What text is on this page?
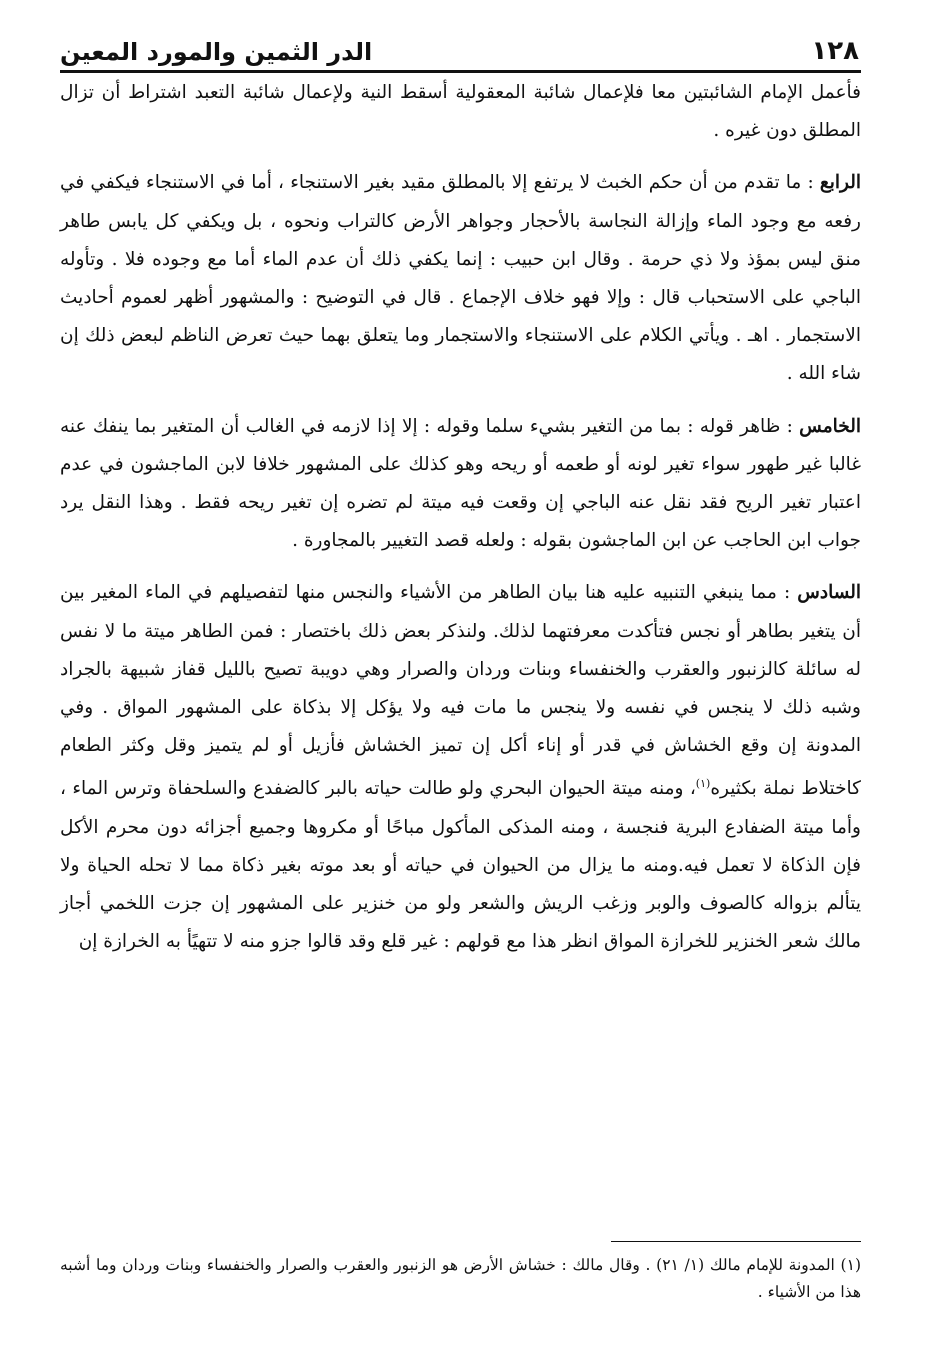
١٢٨
الدر الثمين والمورد المعين

فأعمل الإمام الشائبتين معا فلإعمال شائبة المعقولية أسقط النية ولإعمال شائبة التعبد اشتراط أن تزال المطلق دون غيره .

الرابع : ما تقدم من أن حكم الخبث لا يرتفع إلا بالمطلق مقيد بغير الاستنجاء ، أما في الاستنجاء فيكفي في رفعه مع وجود الماء وإزالة النجاسة بالأحجار وجواهر الأرض كالتراب ونحوه ، بل ويكفي كل يابس طاهر منق ليس بمؤذ ولا ذي حرمة . وقال ابن حبيب : إنما يكفي ذلك أن عدم الماء أما مع وجوده فلا . وتأوله الباجي على الاستحباب قال : وإلا فهو خلاف الإجماع . قال في التوضيح : والمشهور أظهر لعموم أحاديث الاستجمار . اهـ . ويأتي الكلام على الاستنجاء والاستجمار وما يتعلق بهما حيث تعرض الناظم لبعض ذلك إن شاء الله .

الخامس : ظاهر قوله : بما من التغير بشيء سلما وقوله : إلا إذا لازمه في الغالب أن المتغير بما ينفك عنه غالبا غير طهور سواء تغير لونه أو طعمه أو ريحه وهو كذلك على المشهور خلافا لابن الماجشون في عدم اعتبار تغير الريح فقد نقل عنه الباجي إن وقعت فيه ميتة لم تضره إن تغير ريحه فقط . وهذا النقل يرد جواب ابن الحاجب عن ابن الماجشون بقوله : ولعله قصد التغيير بالمجاورة .

السادس : مما ينبغي التنبيه عليه هنا بيان الطاهر من الأشياء والنجس منها لتفصيلهم في الماء المغير بين أن يتغير بطاهر أو نجس فتأكدت معرفتهما لذلك. ولنذكر بعض ذلك باختصار : فمن الطاهر ميتة ما لا نفس له سائلة كالزنبور والعقرب والخنفساء وبنات وردان والصرار وهي دويبة تصيح بالليل قفاز شبيهة بالجراد وشبه ذلك لا ينجس في نفسه ولا ينجس ما مات فيه ولا يؤكل إلا بذكاة على المشهور المواق . وفي المدونة إن وقع الخشاش في قدر أو إناء أكل إن تميز الخشاش فأزيل أو لم يتميز وقل وكثر الطعام كاختلاط نملة بكثيره$^{(١)}$، ومنه ميتة الحيوان البحري ولو طالت حياته بالبر كالضفدع والسلحفاة وترس الماء ، وأما ميتة الضفادع البرية فنجسة ، ومنه المذكى المأكول مباحًا أو مكروها وجميع أجزائه دون محرم الأكل فإن الذكاة لا تعمل فيه.ومنه ما يزال من الحيوان في حياته أو بعد موته بغير ذكاة مما لا تحله الحياة ولا يتألم بزواله كالصوف والوبر وزغب الريش والشعر ولو من خنزير على المشهور إن جزت اللخمي أجاز مالك شعر الخنزير للخرازة المواق انظر هذا مع قولهم : غير قلع وقد قالوا جزو منه لا تتهيًأ به الخرازة إن

(١) المدونة للإمام مالك (١/ ٢١) . وقال مالك : خشاش الأرض هو الزنبور والعقرب والصرار والخنفساء وبنات وردان وما أشبه هذا من الأشياء .
